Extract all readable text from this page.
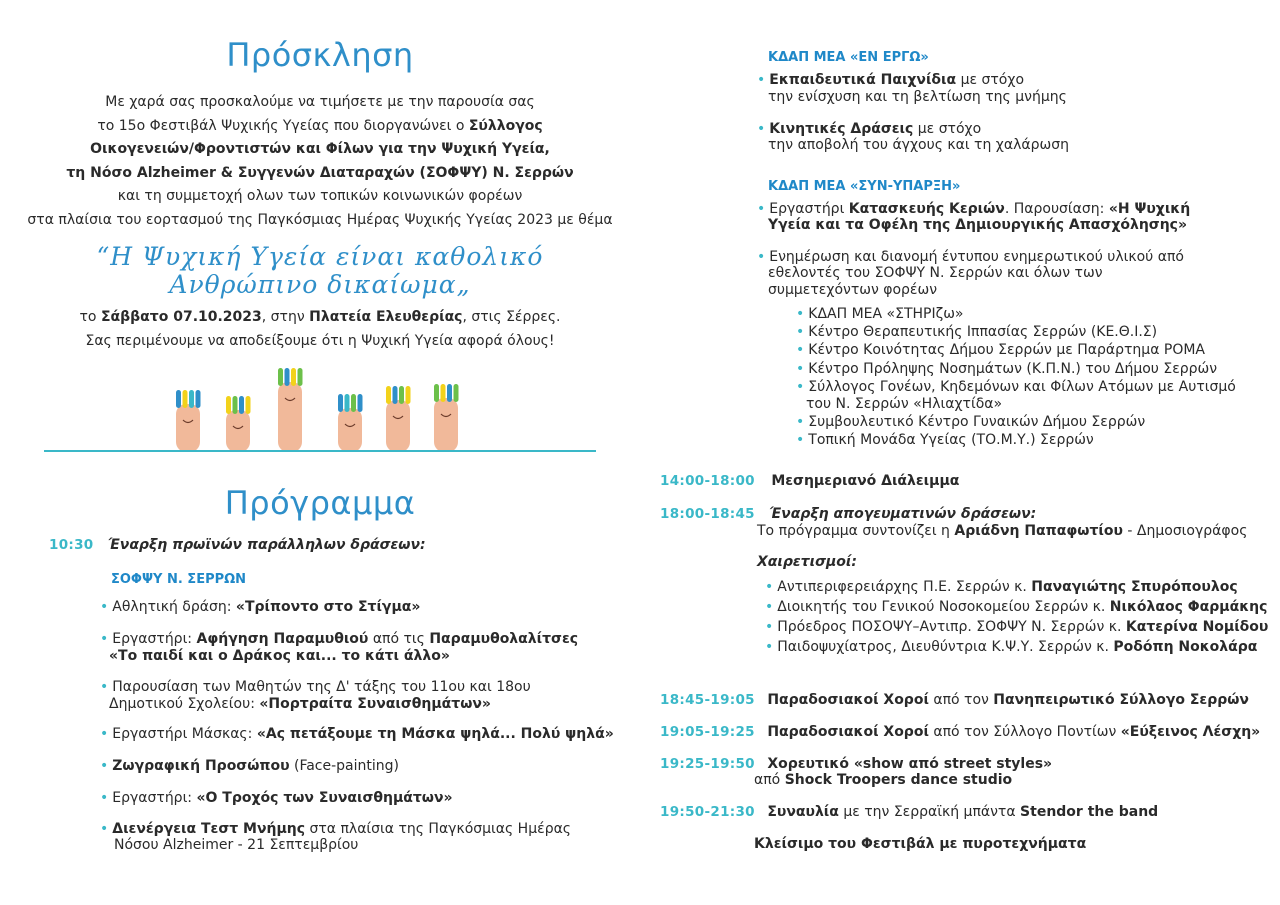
Πρόσκληση
Με χαρά σας προσκαλούμε να τιμήσετε με την παρουσία σας
το 15ο Φεστιβάλ Ψυχικής Υγείας που διοργανώνει ο Σύλλογος
Οικογενειών/Φροντιστών και Φίλων για την Ψυχική Υγεία,
τη Νόσο Alzheimer & Συγγενών Διαταραχών (ΣΟΦΨΥ) Ν. Σερρών
και τη συμμετοχή ολων των τοπικών κοινωνικών φορέων
στα πλαίσια του εορτασμού της Παγκόσμιας Ημέρας Ψυχικής Υγείας 2023 με θέμα
“Η Ψυχική Υγεία είναι καθολικό
Ανθρώπινο δικαίωμα„
το Σάββατο 07.10.2023, στην Πλατεία Ελευθερίας, στις Σέρρες.
Σας περιμένουμε να αποδείξουμε ότι η Ψυχική Υγεία αφορά όλους!
Πρόγραμμα
10:30 Έναρξη πρωϊνών παράλληλων δράσεων:
ΣΟΦΨΥ Ν. ΣΕΡΡΩΝ
• Αθλητική δράση: «Τρίποντο στο Στίγμα»
• Εργαστήρι: Αφήγηση Παραμυθιού από τις Παραμυθολαλίτσες
«Το παιδί και ο Δράκος και... το κάτι άλλο»
• Παρουσίαση των Μαθητών της Δ' τάξης του 11ου και 18ου
Δημοτικού Σχολείου: «Πορτραίτα Συναισθημάτων»
• Εργαστήρι Μάσκας: «Ας πετάξουμε τη Μάσκα ψηλά... Πολύ ψηλά»
• Ζωγραφική Προσώπου (Face-painting)
• Εργαστήρι: «Ο Τροχός των Συναισθημάτων»
• Διενέργεια Τεστ Μνήμης στα πλαίσια της Παγκόσμιας Ημέρας
Νόσου Alzheimer - 21 Σεπτεμβρίου
ΚΔΑΠ ΜΕΑ «ΕΝ ΕΡΓΩ»
• Εκπαιδευτικά Παιχνίδια με στόχο
την ενίσχυση και τη βελτίωση της μνήμης
• Κινητικές Δράσεις με στόχο
την αποβολή του άγχους και τη χαλάρωση
ΚΔΑΠ ΜΕΑ «ΣΥΝ-ΥΠΑΡΞΗ»
• Εργαστήρι Κατασκευής Κεριών. Παρουσίαση: «Η Ψυχική
Υγεία και τα Οφέλη της Δημιουργικής Απασχόλησης»
• Ενημέρωση και διανομή έντυπου ενημερωτικού υλικού από
εθελοντές του ΣΟΦΨΥ Ν. Σερρών και όλων των
συμμετεχόντων φορέων
• ΚΔΑΠ ΜΕΑ «ΣΤΗΡΙζω»
• Κέντρο Θεραπευτικής Ιππασίας Σερρών (ΚΕ.Θ.Ι.Σ)
• Κέντρο Κοινότητας Δήμου Σερρών με Παράρτημα ΡΟΜΑ
• Κέντρο Πρόληψης Νοσημάτων (Κ.Π.Ν.) του Δήμου Σερρών
• Σύλλογος Γονέων, Κηδεμόνων και Φίλων Ατόμων με Αυτισμό
του Ν. Σερρών «Ηλιαχτίδα»
• Συμβουλευτικό Κέντρο Γυναικών Δήμου Σερρών
• Τοπική Μονάδα Υγείας (ΤΟ.Μ.Υ.) Σερρών
14:00-18:00 Μεσημεριανό Διάλειμμα
18:00-18:45 Έναρξη απογευματινών δράσεων:
Το πρόγραμμα συντονίζει η Αριάδνη Παπαφωτίου - Δημοσιογράφος
Χαιρετισμοί:
• Αντιπεριφερειάρχης Π.Ε. Σερρών κ. Παναγιώτης Σπυρόπουλος
• Διοικητής του Γενικού Νοσοκομείου Σερρών κ. Νικόλαος Φαρμάκης
• Πρόεδρος ΠΟΣΟΨΥ–Αντιπρ. ΣΟΦΨΥ Ν. Σερρών κ. Κατερίνα Νομίδου
• Παιδοψυχίατρος, Διευθύντρια Κ.Ψ.Υ. Σερρών κ. Ροδόπη Νοκολάρα
18:45-19:05 Παραδοσιακοί Χοροί από τον Πανηπειρωτικό Σύλλογο Σερρών
19:05-19:25 Παραδοσιακοί Χοροί από τον Σύλλογο Ποντίων «Εύξεινος Λέσχη»
19:25-19:50 Χορευτικό «show από street styles»
από Shock Troopers dance studio
19:50-21:30 Συναυλία με την Σερραϊκή μπάντα Stendor the band
Κλείσιμο του Φεστιβάλ με πυροτεχνήματα
